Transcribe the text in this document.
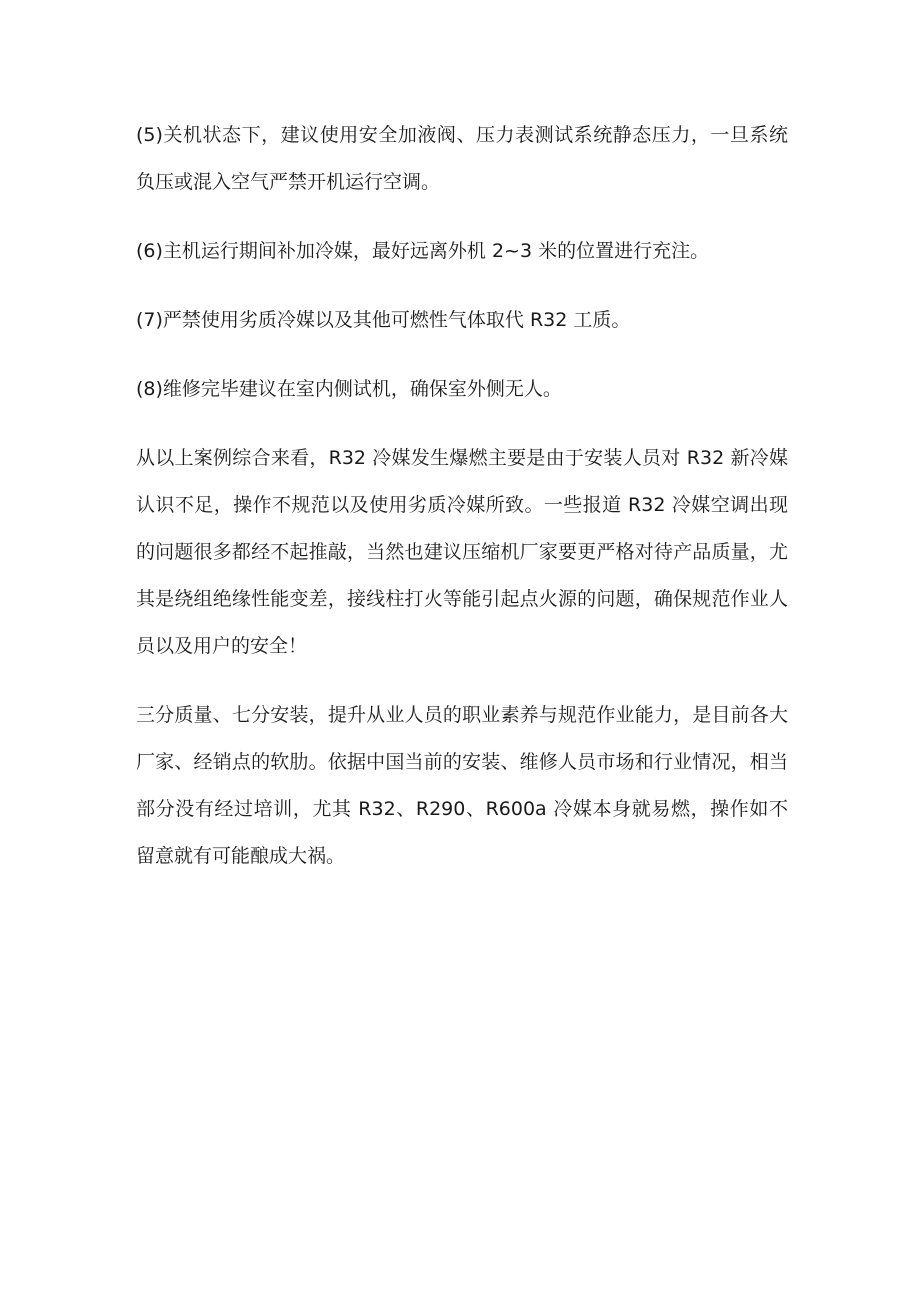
(5)关机状态下，建议使用安全加液阀、压力表测试系统静态压力，一旦系统负压或混入空气严禁开机运行空调。

(6)主机运行期间补加冷媒，最好远离外机 2~3 米的位置进行充注。

(7)严禁使用劣质冷媒以及其他可燃性气体取代 R32 工质。

(8)维修完毕建议在室内侧试机，确保室外侧无人。

从以上案例综合来看，R32 冷媒发生爆燃主要是由于安装人员对 R32 新冷媒认识不足，操作不规范以及使用劣质冷媒所致。一些报道 R32 冷媒空调出现的问题很多都经不起推敲，当然也建议压缩机厂家要更严格对待产品质量，尤其是绕组绝缘性能变差，接线柱打火等能引起点火源的问题，确保规范作业人员以及用户的安全！

三分质量、七分安装，提升从业人员的职业素养与规范作业能力，是目前各大厂家、经销点的软肋。依据中国当前的安装、维修人员市场和行业情况，相当部分没有经过培训，尤其 R32、R290、R600a 冷媒本身就易燃，操作如不留意就有可能酿成大祸。
